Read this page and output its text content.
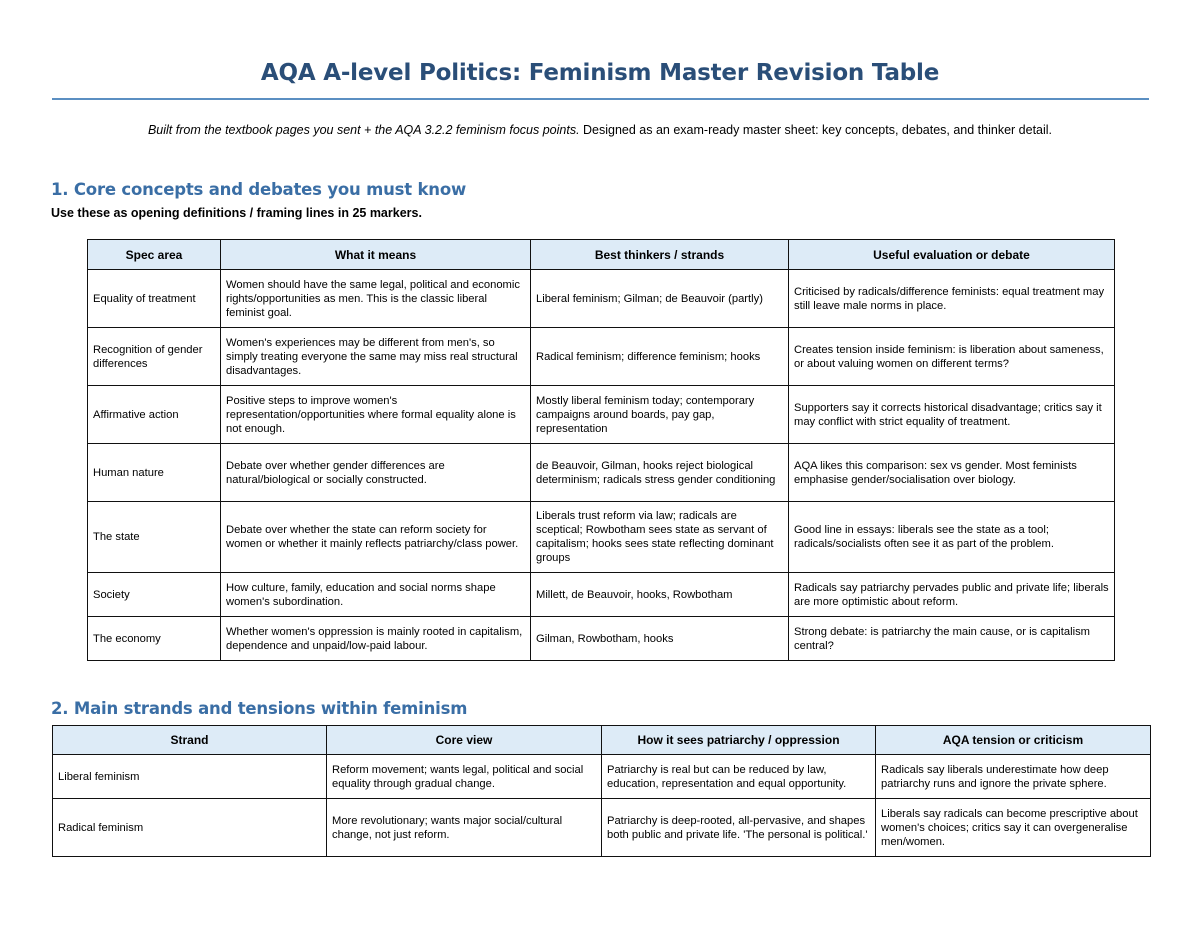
AQA A-level Politics: Feminism Master Revision Table
Built from the textbook pages you sent + the AQA 3.2.2 feminism focus points. Designed as an exam-ready master sheet: key concepts, debates, and thinker detail.
1. Core concepts and debates you must know
Use these as opening definitions / framing lines in 25 markers.
Spec area	What it means	Best thinkers / strands	Useful evaluation or debate
Equality of treatment	Women should have the same legal, political and economic rights/opportunities as men. This is the classic liberal feminist goal.	Liberal feminism; Gilman; de Beauvoir (partly)	Criticised by radicals/difference feminists: equal treatment may still leave male norms in place.
Recognition of gender differences	Women's experiences may be different from men's, so simply treating everyone the same may miss real structural disadvantages.	Radical feminism; difference feminism; hooks	Creates tension inside feminism: is liberation about sameness, or about valuing women on different terms?
Affirmative action	Positive steps to improve women's representation/opportunities where formal equality alone is not enough.	Mostly liberal feminism today; contemporary campaigns around boards, pay gap, representation	Supporters say it corrects historical disadvantage; critics say it may conflict with strict equality of treatment.
Human nature	Debate over whether gender differences are natural/biological or socially constructed.	de Beauvoir, Gilman, hooks reject biological determinism; radicals stress gender conditioning	AQA likes this comparison: sex vs gender. Most feminists emphasise gender/socialisation over biology.
The state	Debate over whether the state can reform society for women or whether it mainly reflects patriarchy/class power.	Liberals trust reform via law; radicals are sceptical; Rowbotham sees state as servant of capitalism; hooks sees state reflecting dominant groups	Good line in essays: liberals see the state as a tool; radicals/socialists often see it as part of the problem.
Society	How culture, family, education and social norms shape women's subordination.	Millett, de Beauvoir, hooks, Rowbotham	Radicals say patriarchy pervades public and private life; liberals are more optimistic about reform.
The economy	Whether women's oppression is mainly rooted in capitalism, dependence and unpaid/low-paid labour.	Gilman, Rowbotham, hooks	Strong debate: is patriarchy the main cause, or is capitalism central?
2. Main strands and tensions within feminism
Strand	Core view	How it sees patriarchy / oppression	AQA tension or criticism
Liberal feminism	Reform movement; wants legal, political and social equality through gradual change.	Patriarchy is real but can be reduced by law, education, representation and equal opportunity.	Radicals say liberals underestimate how deep patriarchy runs and ignore the private sphere.
Radical feminism	More revolutionary; wants major social/cultural change, not just reform.	Patriarchy is deep-rooted, all-pervasive, and shapes both public and private life. 'The personal is political.'	Liberals say radicals can become prescriptive about women's choices; critics say it can overgeneralise men/women.
